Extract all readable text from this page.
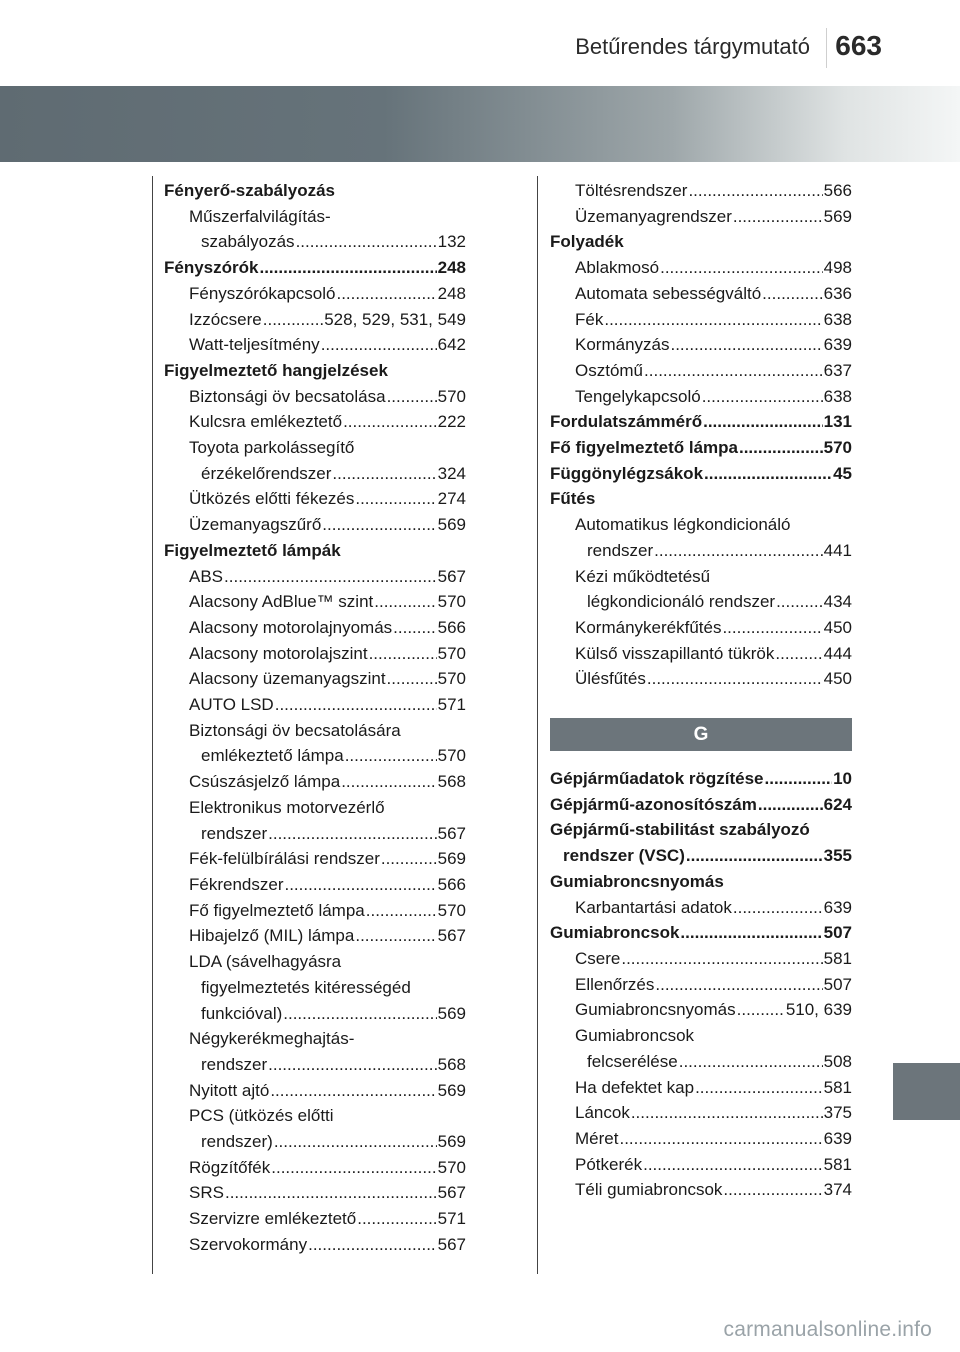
Betűrendes tárgymutató 663
Fényerő-szabályozás
Műszerfalvilágítás-
szabályozás .....	132
Fényszórók .....	248
Fényszórókapcsoló .....	248
Izzócsere .....	528, 529, 531, 549
Watt-teljesítmény .....	642
Figyelmeztető hangjelzések
Biztonsági öv becsatolása .....	570
Kulcsra emlékeztető .....	222
Toyota parkolássegítő
érzékelőrendszer .....	324
Ütközés előtti fékezés .....	274
Üzemanyagszűrő .....	569
Figyelmeztető lámpák
ABS .....	567
Alacsony AdBlue™ szint .....	570
Alacsony motorolajnyomás .....	566
Alacsony motorolajszint .....	570
Alacsony üzemanyagszint .....	570
AUTO LSD .....	571
Biztonsági öv becsatolására
emlékeztető lámpa .....	570
Csúszásjelző lámpa .....	568
Elektronikus motorvezérlő
rendszer .....	567
Fék-felülbírálási rendszer .....	569
Fékrendszer .....	566
Fő figyelmeztető lámpa .....	570
Hibajelző (MIL) lámpa .....	567
LDA (sávelhagyásra
figyelmeztetés kitérességéd
funkcióval) .....	569
Négykerékmeghajtás-
rendszer .....	568
Nyitott ajtó .....	569
PCS (ütközés előtti
rendszer) .....	569
Rögzítőfék .....	570
SRS .....	567
Szervizre emlékeztető .....	571
Szervokormány .....	567
Töltésrendszer .....	566
Üzemanyagrendszer .....	569
Folyadék
Ablakmosó .....	498
Automata sebességváltó .....	636
Fék .....	638
Kormányzás .....	639
Osztómű .....	637
Tengelykapcsoló .....	638
Fordulatszámmérő .....	131
Fő figyelmeztető lámpa .....	570
Függönylégzsákok .....	45
Fűtés
Automatikus légkondicionáló
rendszer .....	441
Kézi működtetésű
légkondicionáló rendszer .....	434
Kormánykerékfűtés .....	450
Külső visszapillantó tükrök .....	444
Ülésfűtés .....	450
G
Gépjárműadatok rögzítése .....	10
Gépjármű-azonosítószám .....	624
Gépjármű-stabilitást szabályozó
rendszer (VSC) .....	355
Gumiabroncsnyomás
Karbantartási adatok .....	639
Gumiabroncsok .....	507
Csere .....	581
Ellenőrzés .....	507
Gumiabroncsnyomás .....	510, 639
Gumiabroncsok
felcserélése .....	508
Ha defektet kap .....	581
Láncok .....	375
Méret .....	639
Pótkerék .....	581
Téli gumiabroncsok .....	374
carmanualsonline.info
